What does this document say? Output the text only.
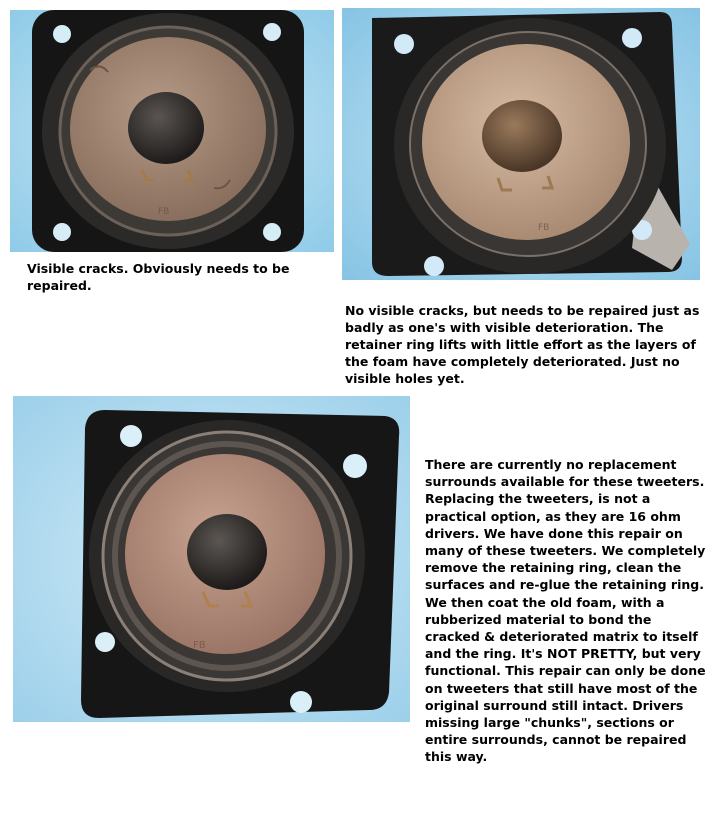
FB
FB
FB

Visible cracks. Obviously needs to be repaired.

No visible cracks, but needs to be repaired just as badly as one's with visible deterioration. The retainer ring lifts with little effort as the layers of the foam have completely deteriorated. Just no visible holes yet.

There are currently no replacement surrounds available for these tweeters. Replacing the tweeters, is not a practical option, as they are 16 ohm drivers. We have done this repair on many of these tweeters. We completely remove the retaining ring, clean the surfaces and re-glue the retaining ring. We then coat the old foam, with a rubberized material to bond the cracked & deteriorated matrix to itself and the ring. It's NOT PRETTY, but very functional. This repair can only be done on tweeters that still have most of the original surround still intact. Drivers missing large "chunks", sections or entire surrounds, cannot be repaired this way.
